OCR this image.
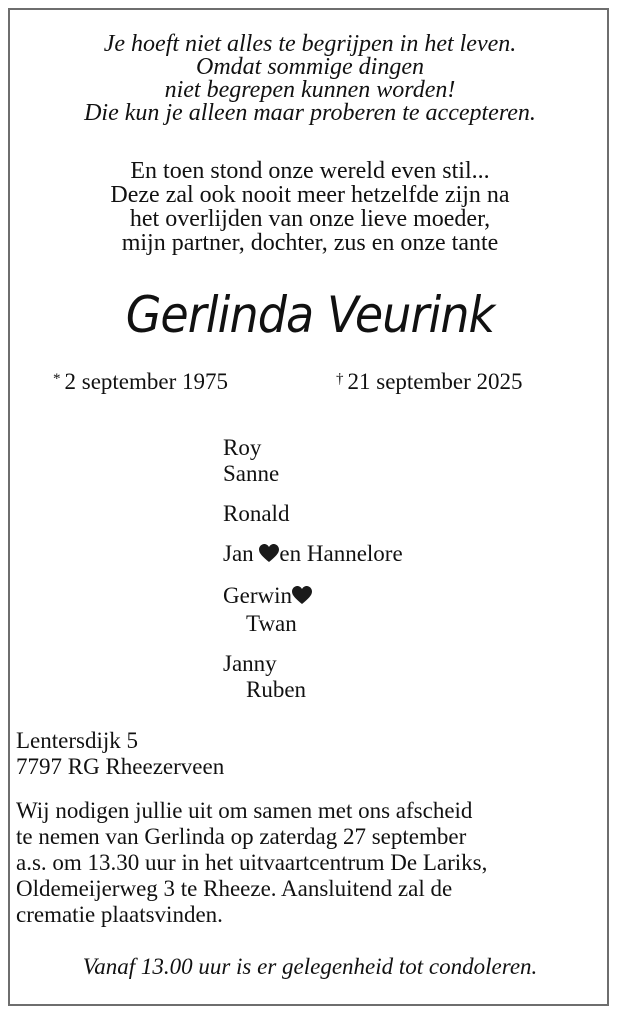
Je hoeft niet alles te begrijpen in het leven.
Omdat sommige dingen
niet begrepen kunnen worden!
Die kun je alleen maar proberen te accepteren.
En toen stond onze wereld even stil...
Deze zal ook nooit meer hetzelfde zijn na
het overlijden van onze lieve moeder,
mijn partner, dochter, zus en onze tante
Gerlinda Veurink
* 2 september 1975	† 21 september 2025
Roy
Sanne
Ronald
Jan en Hannelore
Gerwin
Twan
Janny
Ruben
Lentersdijk 5
7797 RG Rheezerveen
Wij nodigen jullie uit om samen met ons afscheid
te nemen van Gerlinda op zaterdag 27 september
a.s. om 13.30 uur in het uitvaartcentrum De Lariks,
Oldemeijerweg 3 te Rheeze. Aansluitend zal de
crematie plaatsvinden.
Vanaf 13.00 uur is er gelegenheid tot condoleren.
